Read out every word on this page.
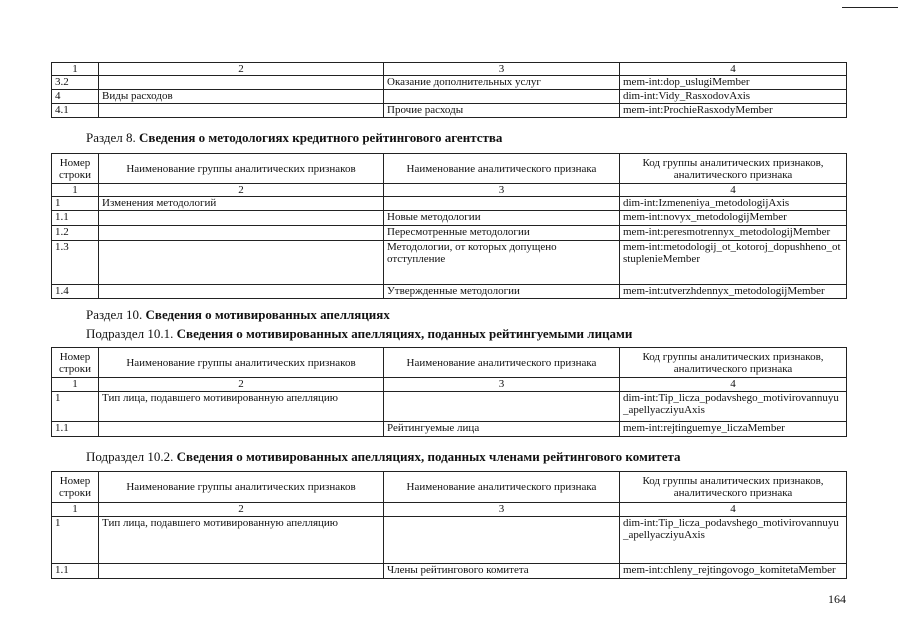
1	2	3	4
3.2		Оказание дополнительных услуг	mem-int:dop_uslugiMember
4	Виды расходов		dim-int:Vidy_RasxodovAxis
4.1		Прочие расходы	mem-int:ProchieRasxodyMember
Раздел 8. Сведения о методологиях кредитного рейтингового агентства
Номер строки	Наименование группы аналитических признаков	Наименование аналитического признака	Код группы аналитических признаков, аналитического признака
1	2	3	4
1	Изменения методологий		dim-int:Izmeneniya_metodologijAxis
1.1		Новые методологии	mem-int:novyx_metodologijMember
1.2		Пересмотренные методологии	mem-int:peresmotrennyx_metodologijMember
1.3		Методологии, от которых допущено отступление	mem-int:metodologij_ot_kotoroj_dopushheno_otstuplenieMember
1.4		Утвержденные методологии	mem-int:utverzhdennyx_metodologijMember
Раздел 10. Сведения о мотивированных апелляциях
Подраздел 10.1. Сведения о мотивированных апелляциях, поданных рейтингуемыми лицами
Номер строки	Наименование группы аналитических признаков	Наименование аналитического признака	Код группы аналитических признаков, аналитического признака
1	2	3	4
1	Тип лица, подавшего мотивированную апелляцию		dim-int:Tip_licza_podavshego_motivirovannuyu_apellyacziyuAxis
1.1		Рейтингуемые лица	mem-int:rejtinguemye_liczaMember
Подраздел 10.2. Сведения о мотивированных апелляциях, поданных членами рейтингового комитета
Номер строки	Наименование группы аналитических признаков	Наименование аналитического признака	Код группы аналитических признаков, аналитического признака
1	2	3	4
1	Тип лица, подавшего мотивированную апелляцию		dim-int:Tip_licza_podavshego_motivirovannuyu_apellyacziyuAxis
1.1		Члены рейтингового комитета	mem-int:chleny_rejtingovogo_komitetaMember
164
